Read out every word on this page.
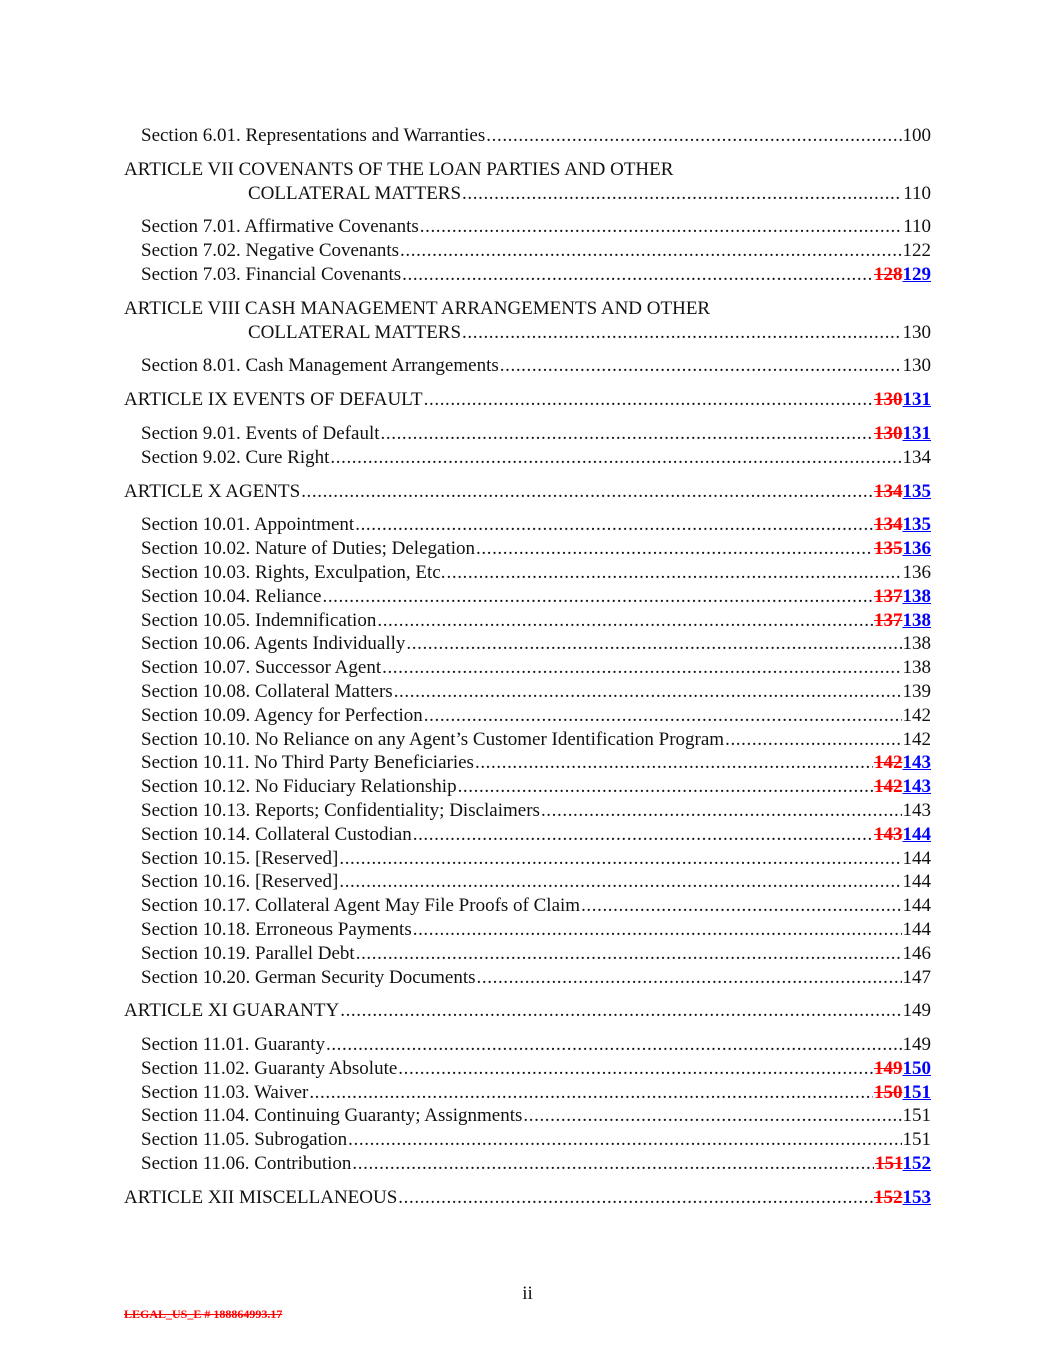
Section 6.01. Representations and Warranties .....	100
ARTICLE VII COVENANTS OF THE LOAN PARTIES AND OTHER
COLLATERAL MATTERS .....	110
Section 7.01. Affirmative Covenants .....	110
Section 7.02. Negative Covenants .....	122
Section 7.03. Financial Covenants .....	128129
ARTICLE VIII CASH MANAGEMENT ARRANGEMENTS AND OTHER
COLLATERAL MATTERS .....	130
Section 8.01. Cash Management Arrangements .....	130
ARTICLE IX EVENTS OF DEFAULT .....	130131
Section 9.01. Events of Default .....	130131
Section 9.02. Cure Right .....	134
ARTICLE X AGENTS .....	134135
Section 10.01. Appointment .....	134135
Section 10.02. Nature of Duties; Delegation .....	135136
Section 10.03. Rights, Exculpation, Etc. .....	136
Section 10.04. Reliance .....	137138
Section 10.05. Indemnification .....	137138
Section 10.06. Agents Individually .....	138
Section 10.07. Successor Agent .....	138
Section 10.08. Collateral Matters .....	139
Section 10.09. Agency for Perfection .....	142
Section 10.10. No Reliance on any Agent’s Customer Identification Program .....	142
Section 10.11. No Third Party Beneficiaries .....	142143
Section 10.12. No Fiduciary Relationship .....	142143
Section 10.13. Reports; Confidentiality; Disclaimers .....	143
Section 10.14. Collateral Custodian .....	143144
Section 10.15. [Reserved] .....	144
Section 10.16. [Reserved] .....	144
Section 10.17. Collateral Agent May File Proofs of Claim .....	144
Section 10.18. Erroneous Payments .....	144
Section 10.19. Parallel Debt .....	146
Section 10.20. German Security Documents .....	147
ARTICLE XI GUARANTY .....	149
Section 11.01. Guaranty .....	149
Section 11.02. Guaranty Absolute .....	149150
Section 11.03. Waiver .....	150151
Section 11.04. Continuing Guaranty; Assignments .....	151
Section 11.05. Subrogation .....	151
Section 11.06. Contribution .....	151152
ARTICLE XII MISCELLANEOUS .....	152153
ii
LEGAL_US_E # 188864993.17
